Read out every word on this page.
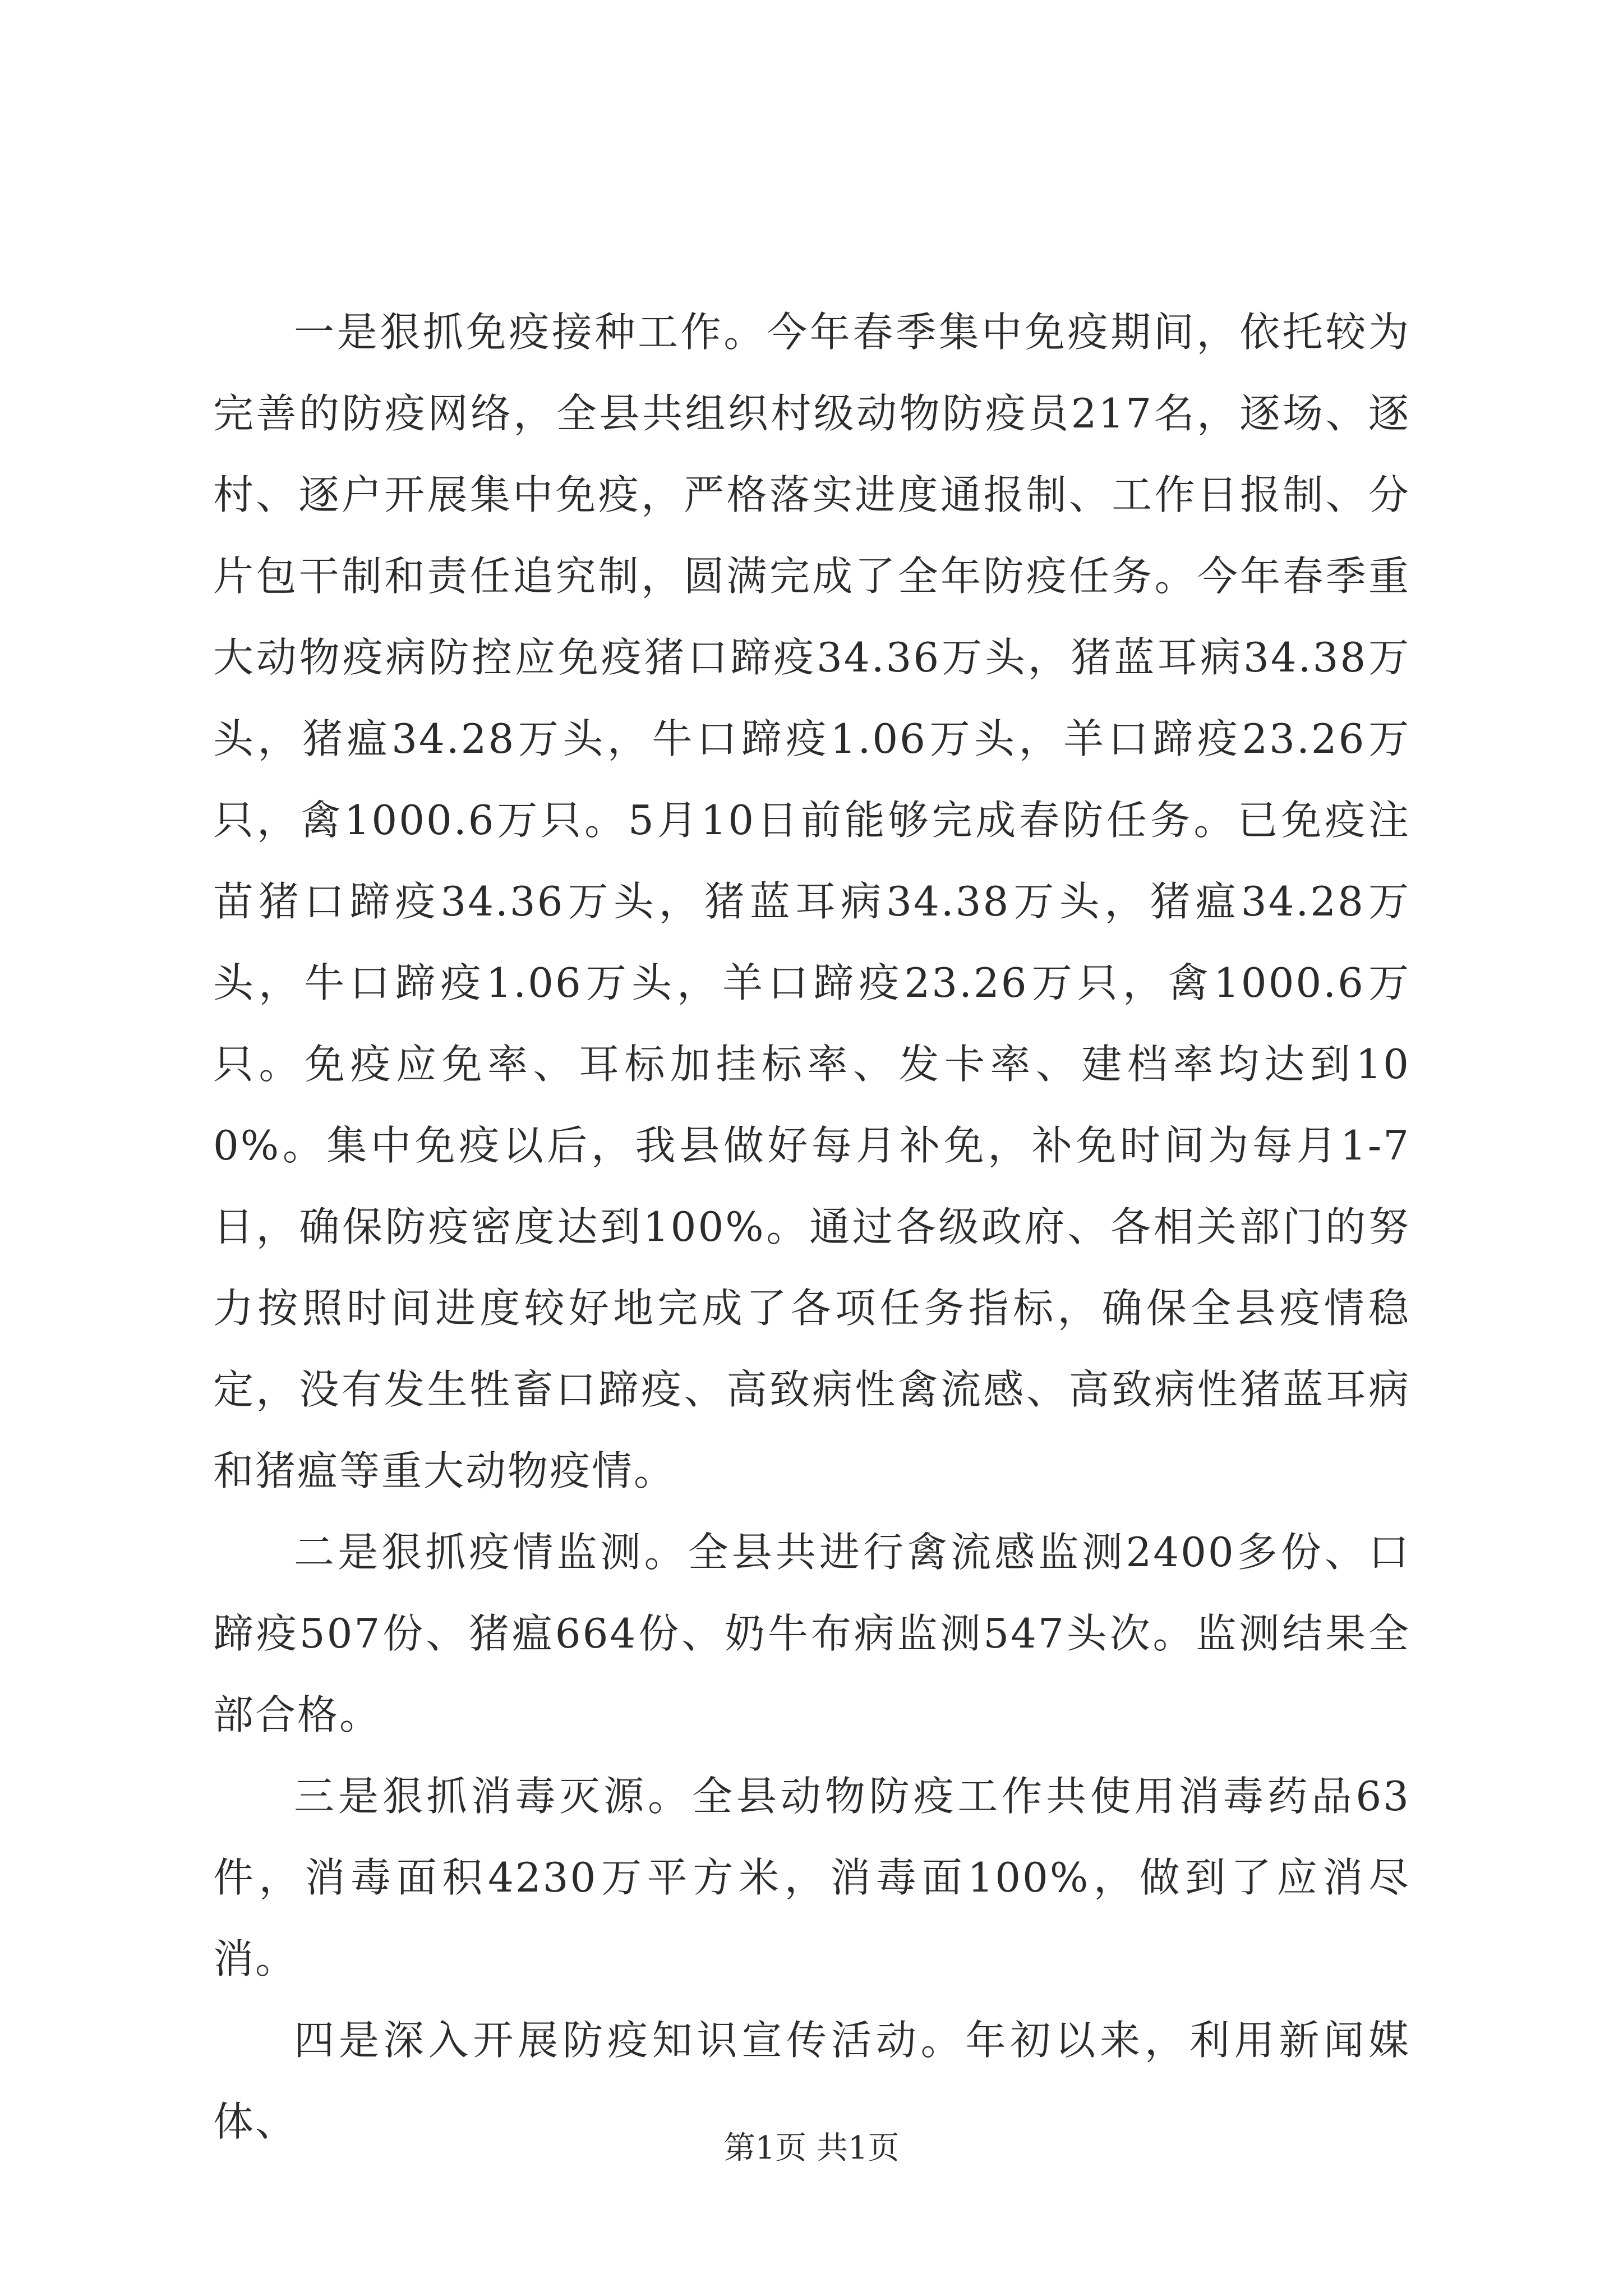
一是狠抓免疫接种工作。今年春季集中免疫期间，依托较为完善的防疫网络，全县共组织村级动物防疫员217名，逐场、逐村、逐户开展集中免疫，严格落实进度通报制、工作日报制、分片包干制和责任追究制，圆满完成了全年防疫任务。今年春季重大动物疫病防控应免疫猪口蹄疫34.36万头，猪蓝耳病34.38万头，猪瘟34.28万头，牛口蹄疫1.06万头，羊口蹄疫23.26万只，禽1000.6万只。5月10日前能够完成春防任务。已免疫注苗猪口蹄疫34.36万头，猪蓝耳病34.38万头，猪瘟34.28万头，牛口蹄疫1.06万头，羊口蹄疫23.26万只，禽1000.6万只。免疫应免率、耳标加挂标率、发卡率、建档率均达到100%。集中免疫以后，我县做好每月补免，补免时间为每月1-7日，确保防疫密度达到100%。通过各级政府、各相关部门的努力按照时间进度较好地完成了各项任务指标，确保全县疫情稳定，没有发生牲畜口蹄疫、高致病性禽流感、高致病性猪蓝耳病和猪瘟等重大动物疫情。

二是狠抓疫情监测。全县共进行禽流感监测2400多份、口蹄疫507份、猪瘟664份、奶牛布病监测547头次。监测结果全部合格。

三是狠抓消毒灭源。全县动物防疫工作共使用消毒药品63件，消毒面积4230万平方米，消毒面100%，做到了应消尽消。

四是深入开展防疫知识宣传活动。年初以来，利用新闻媒体、

第1页 共1页
